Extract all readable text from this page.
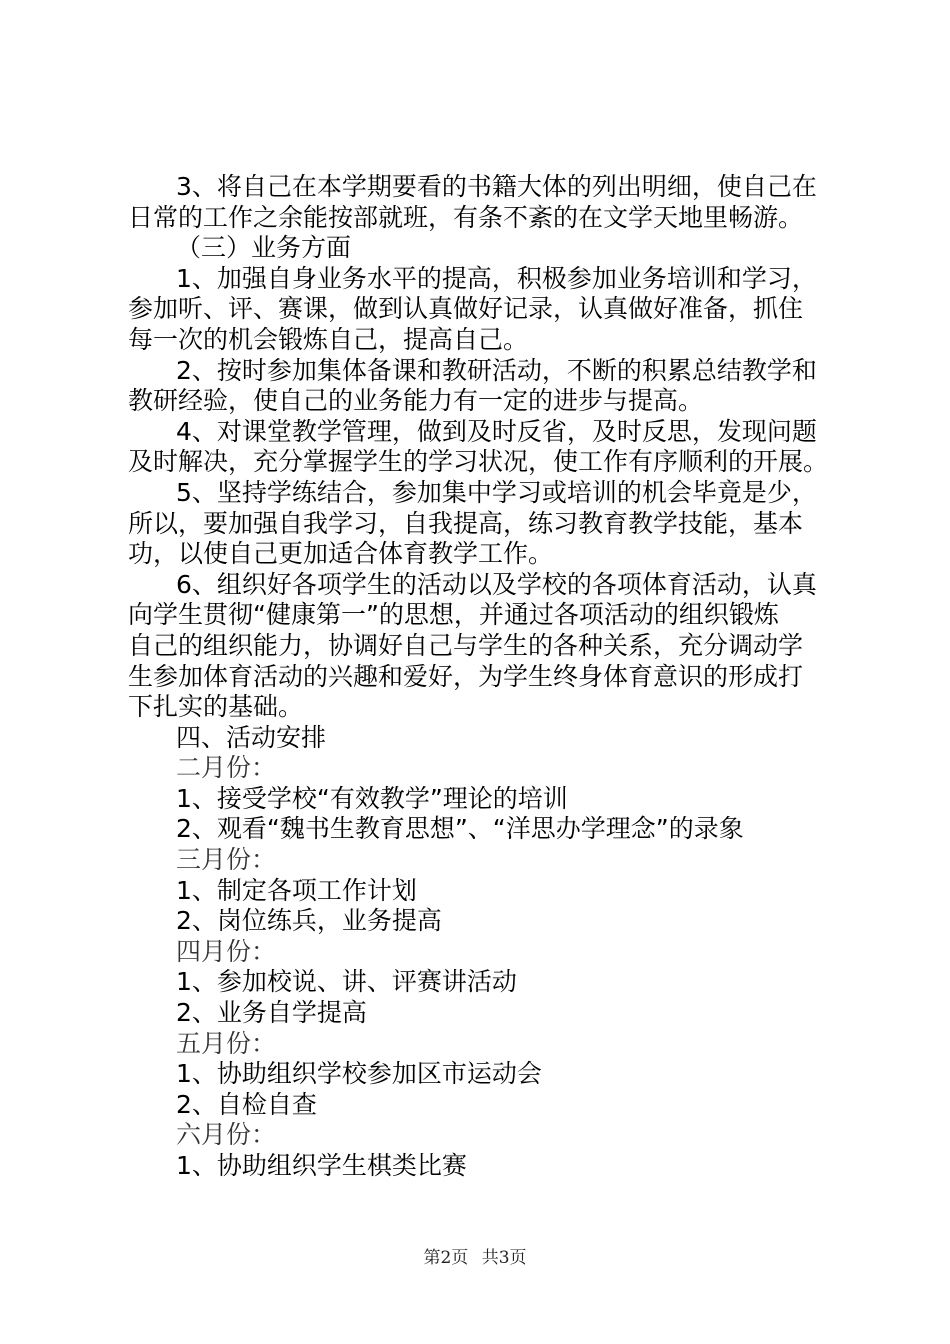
3、将自己在本学期要看的书籍大体的列出明细，使自己在

日常的工作之余能按部就班，有条不紊的在文学天地里畅游。

（三）业务方面

1、加强自身业务水平的提高，积极参加业务培训和学习，

参加听、评、赛课，做到认真做好记录，认真做好准备，抓住

每一次的机会锻炼自己，提高自己。

2、按时参加集体备课和教研活动，不断的积累总结教学和

教研经验，使自己的业务能力有一定的进步与提高。

4、对课堂教学管理，做到及时反省，及时反思，发现问题

及时解决，充分掌握学生的学习状况，使工作有序顺利的开展。

5、坚持学练结合，参加集中学习或培训的机会毕竟是少，

所以，要加强自我学习，自我提高，练习教育教学技能，基本

功，以使自己更加适合体育教学工作。

6、组织好各项学生的活动以及学校的各项体育活动，认真

向学生贯彻“健康第一”的思想，并通过各项活动的组织锻炼

自己的组织能力，协调好自己与学生的各种关系，充分调动学

生参加体育活动的兴趣和爱好，为学生终身体育意识的形成打

下扎实的基础。

四、活动安排

二月份：

1、接受学校“有效教学”理论的培训

2、观看“魏书生教育思想”、“洋思办学理念”的录象

三月份：

1、制定各项工作计划

2、岗位练兵，业务提高

四月份：

1、参加校说、讲、评赛讲活动

2、业务自学提高

五月份：

1、协助组织学校参加区市运动会

2、自检自查

六月份：

1、协助组织学生棋类比赛

第2页 共3页
